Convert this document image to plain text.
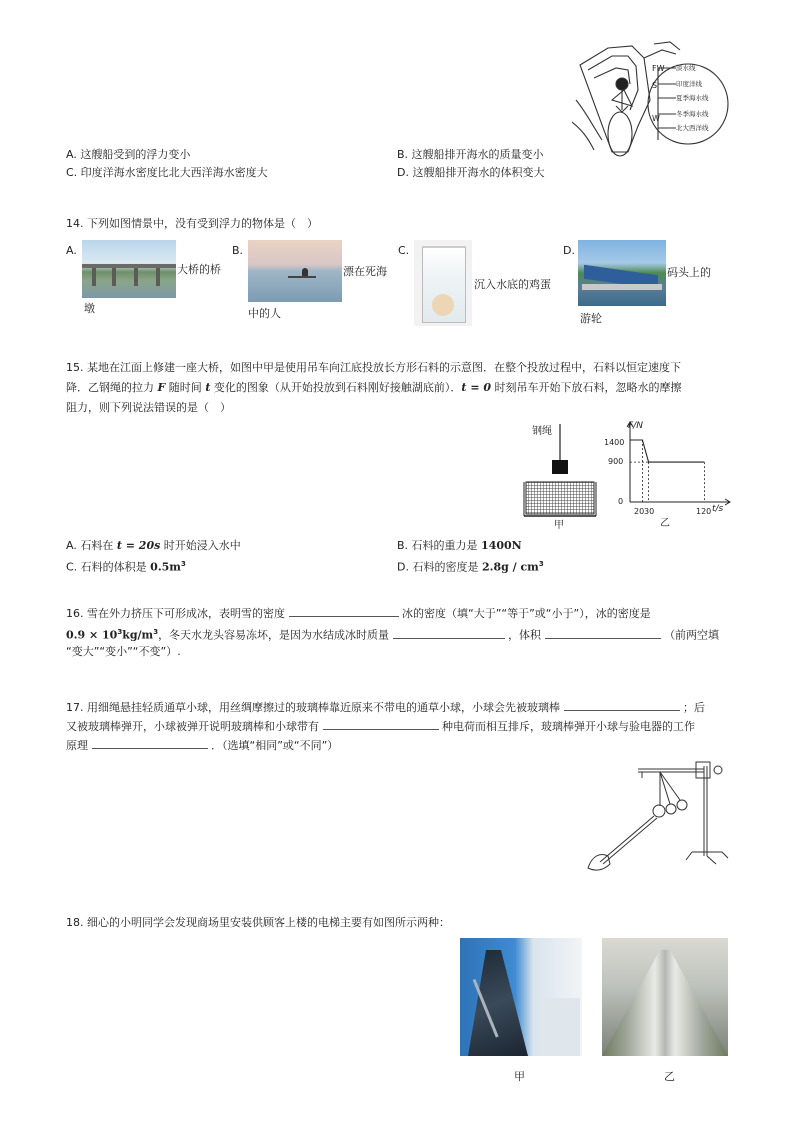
FW
S
W
淡水线
印度洋线
夏季海水线
冬季海水线
北大西洋线
A. 这艘船受到的浮力变小	B. 这艘船排开海水的质量变小
C. 印度洋海水密度比北大西洋海水密度大	D. 这艘船排开海水的体积变大
14. 下列如图情景中，没有受到浮力的物体是（　）
A.
大桥的桥
墩
B.
漂在死海
中的人
C.
沉入水底的鸡蛋
D.
码头上的
游轮
15. 某地在江面上修建一座大桥，如图中甲是使用吊车向江底投放长方形石料的示意图．在整个投放过程中，石料以恒定速度下
降．乙钢绳的拉力 F 随时间 t 变化的图象（从开始投放到石料刚好接触湖底前）．t = 0 时刻吊车开始下放石料，忽略水的摩擦
阻力，则下列说法错误的是（　）
钢绳
甲
F/N
t/s
1400
900
0
20 30	120
乙
A. 石料在 t = 20s 时开始浸入水中	B. 石料的重力是 1400N
C. 石料的体积是 $0.5m^3$	D. 石料的密度是 $2.8g / cm^3$
16. 雪在外力挤压下可形成冰，表明雪的密度	冰的密度（填“大于”“等于”或“小于”），冰的密度是
$0.9 \times 10^3kg/m^3$，冬天水龙头容易冻坏，是因为水结成冰时质量	，体积	（前两空填
“变大”“变小”“不变”）.
17. 用细绳悬挂轻质通草小球，用丝绸摩擦过的玻璃棒靠近原来不带电的通草小球，小球会先被玻璃棒	；后
又被玻璃棒弹开，小球被弹开说明玻璃棒和小球带有	种电荷而相互排斥，玻璃棒弹开小球与验电器的工作
原理	．（选填“相同”或“不同”）
18. 细心的小明同学会发现商场里安装供顾客上楼的电梯主要有如图所示两种：
甲	乙
